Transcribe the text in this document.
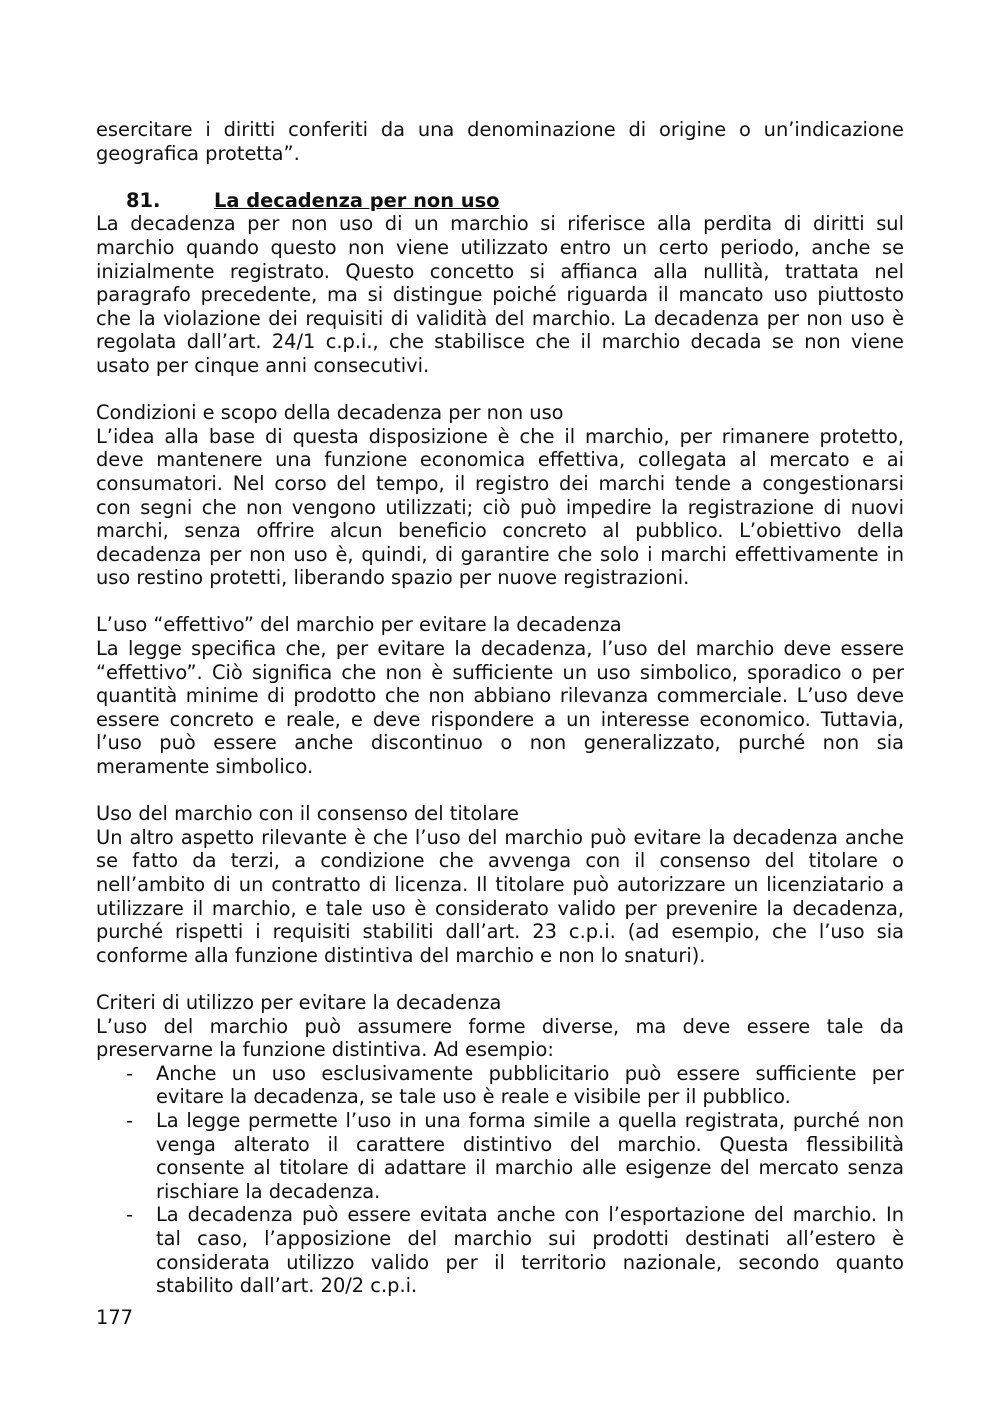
esercitare i diritti conferiti da una denominazione di origine o un’indicazione geografica protetta”.

81.	La decadenza per non uso

La decadenza per non uso di un marchio si riferisce alla perdita di diritti sul marchio quando questo non viene utilizzato entro un certo periodo, anche se inizialmente registrato. Questo concetto si affianca alla nullità, trattata nel paragrafo precedente, ma si distingue poiché riguarda il mancato uso piuttosto che la violazione dei requisiti di validità del marchio. La decadenza per non uso è regolata dall’art. 24/1 c.p.i., che stabilisce che il marchio decada se non viene usato per cinque anni consecutivi.

Condizioni e scopo della decadenza per non uso

L’idea alla base di questa disposizione è che il marchio, per rimanere protetto, deve mantenere una funzione economica effettiva, collegata al mercato e ai consumatori. Nel corso del tempo, il registro dei marchi tende a congestionarsi con segni che non vengono utilizzati; ciò può impedire la registrazione di nuovi marchi, senza offrire alcun beneficio concreto al pubblico. L’obiettivo della decadenza per non uso è, quindi, di garantire che solo i marchi effettivamente in uso restino protetti, liberando spazio per nuove registrazioni.

L’uso “effettivo” del marchio per evitare la decadenza

La legge specifica che, per evitare la decadenza, l’uso del marchio deve essere “effettivo”. Ciò significa che non è sufficiente un uso simbolico, sporadico o per quantità minime di prodotto che non abbiano rilevanza commerciale. L’uso deve essere concreto e reale, e deve rispondere a un interesse economico. Tuttavia, l’uso può essere anche discontinuo o non generalizzato, purché non sia meramente simbolico.

Uso del marchio con il consenso del titolare

Un altro aspetto rilevante è che l’uso del marchio può evitare la decadenza anche se fatto da terzi, a condizione che avvenga con il consenso del titolare o nell’ambito di un contratto di licenza. Il titolare può autorizzare un licenziatario a utilizzare il marchio, e tale uso è considerato valido per prevenire la decadenza, purché rispetti i requisiti stabiliti dall’art. 23 c.p.i. (ad esempio, che l’uso sia conforme alla funzione distintiva del marchio e non lo snaturi).

Criteri di utilizzo per evitare la decadenza

L’uso del marchio può assumere forme diverse, ma deve essere tale da preservarne la funzione distintiva. Ad esempio:

- Anche un uso esclusivamente pubblicitario può essere sufficiente per evitare la decadenza, se tale uso è reale e visibile per il pubblico.
- La legge permette l’uso in una forma simile a quella registrata, purché non venga alterato il carattere distintivo del marchio. Questa flessibilità consente al titolare di adattare il marchio alle esigenze del mercato senza rischiare la decadenza.
- La decadenza può essere evitata anche con l’esportazione del marchio. In tal caso, l’apposizione del marchio sui prodotti destinati all’estero è considerata utilizzo valido per il territorio nazionale, secondo quanto stabilito dall’art. 20/2 c.p.i.

177
